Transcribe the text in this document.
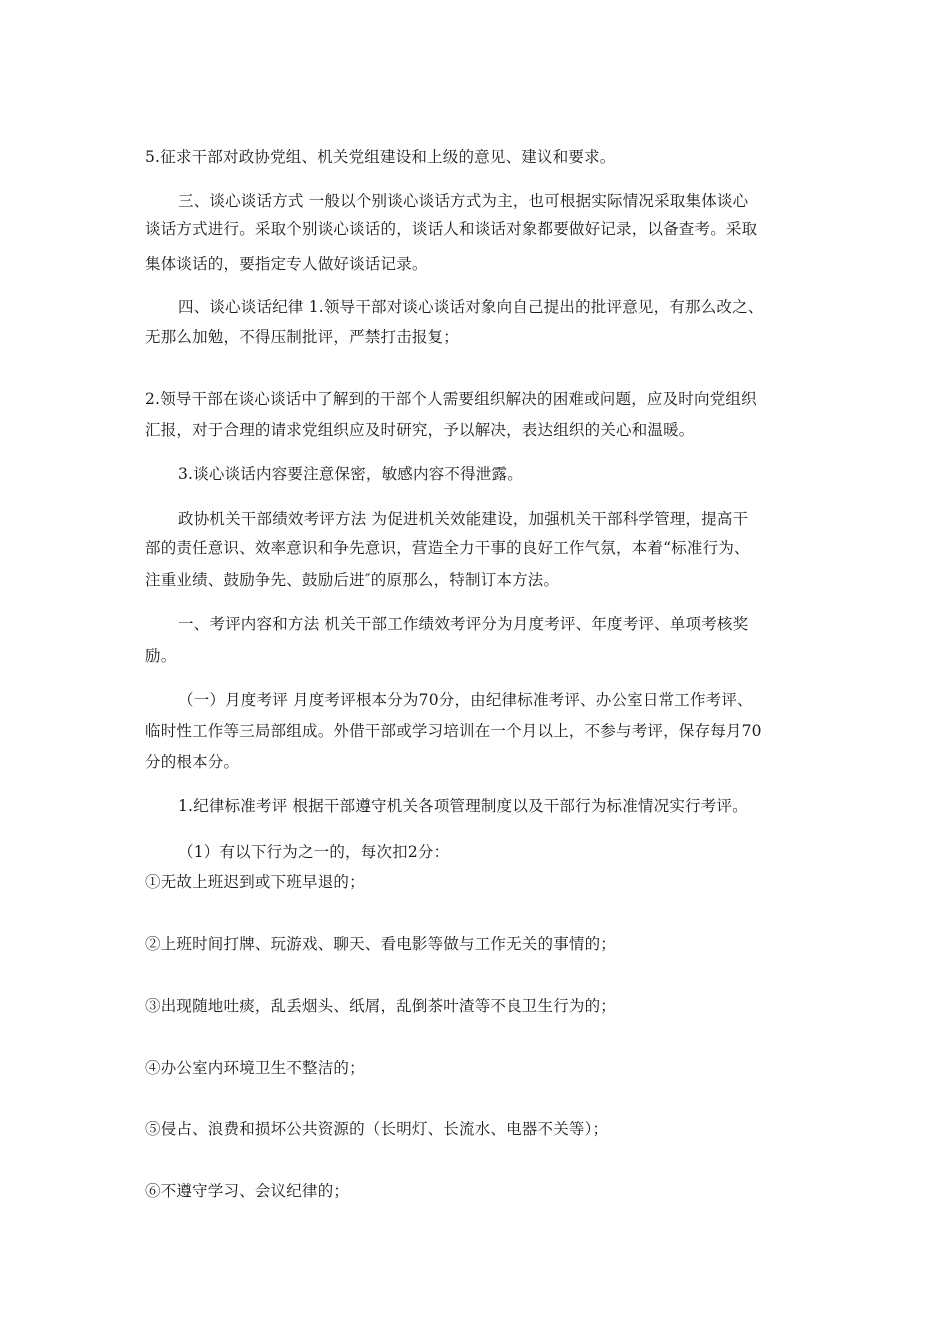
5.征求干部对政协党组、机关党组建设和上级的意见、建议和要求。

三、谈心谈话方式 一般以个别谈心谈话方式为主，也可根据实际情况采取集体谈心

谈话方式进行。采取个别谈心谈话的，谈话人和谈话对象都要做好记录，以备查考。采取

集体谈话的，要指定专人做好谈话记录。

四、谈心谈话纪律 1.领导干部对谈心谈话对象向自己提出的批评意见，有那么改之、

无那么加勉，不得压制批评，严禁打击报复；

2.领导干部在谈心谈话中了解到的干部个人需要组织解决的困难或问题，应及时向党组织

汇报，对于合理的请求党组织应及时研究，予以解决，表达组织的关心和温暖。

3.谈心谈话内容要注意保密，敏感内容不得泄露。

政协机关干部绩效考评方法 为促进机关效能建设，加强机关干部科学管理，提高干

部的责任意识、效率意识和争先意识，营造全力干事的良好工作气氛，本着“标准行为、

注重业绩、鼓励争先、鼓励后进″的原那么，特制订本方法。

一、考评内容和方法 机关干部工作绩效考评分为月度考评、年度考评、单项考核奖

励。

（一）月度考评 月度考评根本分为70分，由纪律标准考评、办公室日常工作考评、

临时性工作等三局部组成。外借干部或学习培训在一个月以上，不参与考评，保存每月70

分的根本分。

1.纪律标准考评 根据干部遵守机关各项管理制度以及干部行为标准情况实行考评。

（1）有以下行为之一的，每次扣2分：

①无故上班迟到或下班早退的；

②上班时间打牌、玩游戏、聊天、看电影等做与工作无关的事情的；

③出现随地吐痰，乱丢烟头、纸屑，乱倒茶叶渣等不良卫生行为的；

④办公室内环境卫生不整洁的；

⑤侵占、浪费和损坏公共资源的（长明灯、长流水、电器不关等）；

⑥不遵守学习、会议纪律的；
